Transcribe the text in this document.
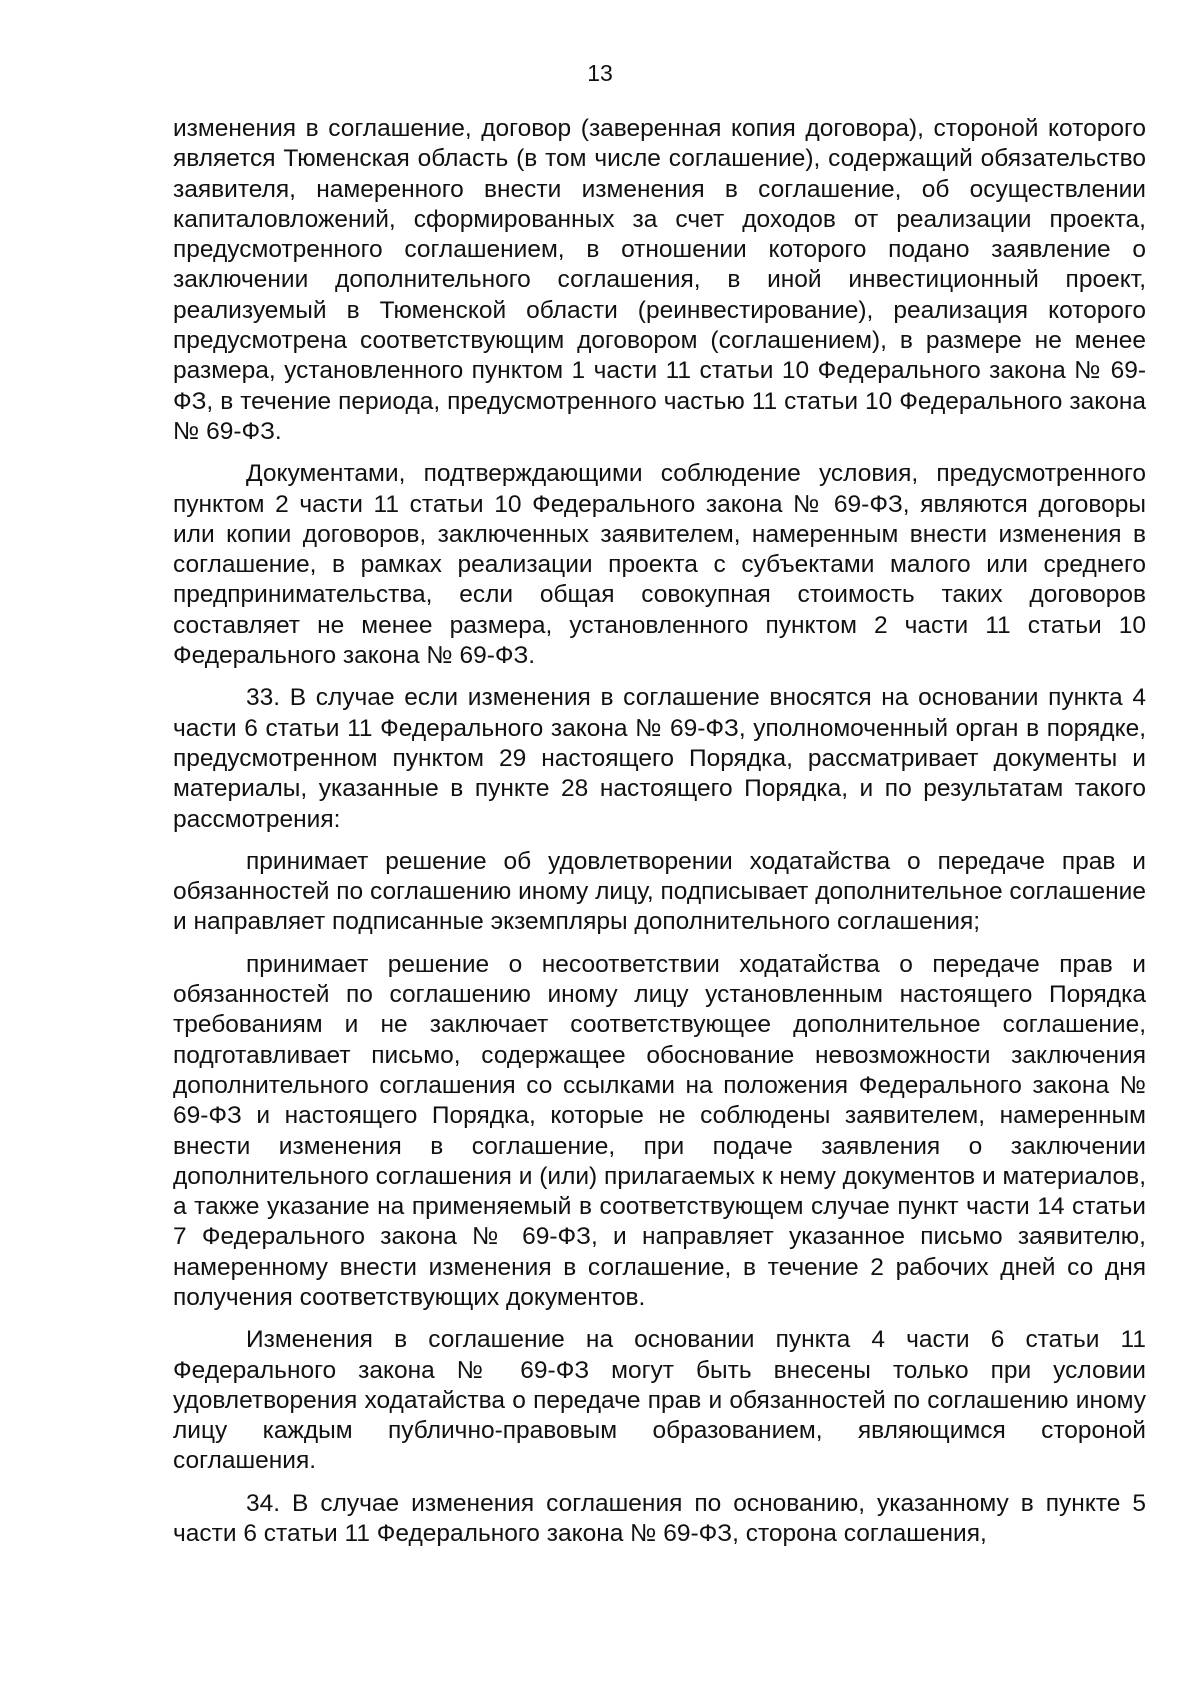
13

изменения в соглашение, договор (заверенная копия договора), стороной которого является Тюменская область (в том числе соглашение), содержащий обязательство заявителя, намеренного внести изменения в соглашение, об осуществлении капиталовложений, сформированных за счет доходов от реализации проекта, предусмотренного соглашением, в отношении которого подано заявление о заключении дополнительного соглашения, в иной инвестиционный проект, реализуемый в Тюменской области (реинвестирование), реализация которого предусмотрена соответствующим договором (соглашением), в размере не менее размера, установленного пунктом 1 части 11 статьи 10 Федерального закона № 69-ФЗ, в течение периода, предусмотренного частью 11 статьи 10 Федерального закона № 69-ФЗ.

Документами, подтверждающими соблюдение условия, предусмотренного пунктом 2 части 11 статьи 10 Федерального закона № 69-ФЗ, являются договоры или копии договоров, заключенных заявителем, намеренным внести изменения в соглашение, в рамках реализации проекта с субъектами малого или среднего предпринимательства, если общая совокупная стоимость таких договоров составляет не менее размера, установленного пунктом 2 части 11 статьи 10 Федерального закона № 69-ФЗ.

33. В случае если изменения в соглашение вносятся на основании пункта 4 части 6 статьи 11 Федерального закона № 69-ФЗ, уполномоченный орган в порядке, предусмотренном пунктом 29 настоящего Порядка, рассматривает документы и материалы, указанные в пункте 28 настоящего Порядка, и по результатам такого рассмотрения:

принимает решение об удовлетворении ходатайства о передаче прав и обязанностей по соглашению иному лицу, подписывает дополнительное соглашение и направляет подписанные экземпляры дополнительного соглашения;

принимает решение о несоответствии ходатайства о передаче прав и обязанностей по соглашению иному лицу установленным настоящего Порядка требованиям и не заключает соответствующее дополнительное соглашение, подготавливает письмо, содержащее обоснование невозможности заключения дополнительного соглашения со ссылками на положения Федерального закона № 69-ФЗ и настоящего Порядка, которые не соблюдены заявителем, намеренным внести изменения в соглашение, при подаче заявления о заключении дополнительного соглашения и (или) прилагаемых к нему документов и материалов, а также указание на применяемый в соответствующем случае пункт части 14 статьи 7 Федерального закона № 69-ФЗ, и направляет указанное письмо заявителю, намеренному внести изменения в соглашение, в течение 2 рабочих дней со дня получения соответствующих документов.

Изменения в соглашение на основании пункта 4 части 6 статьи 11 Федерального закона № 69-ФЗ могут быть внесены только при условии удовлетворения ходатайства о передаче прав и обязанностей по соглашению иному лицу каждым публично-правовым образованием, являющимся стороной соглашения.

34. В случае изменения соглашения по основанию, указанному в пункте 5 части 6 статьи 11 Федерального закона № 69-ФЗ, сторона соглашения,
